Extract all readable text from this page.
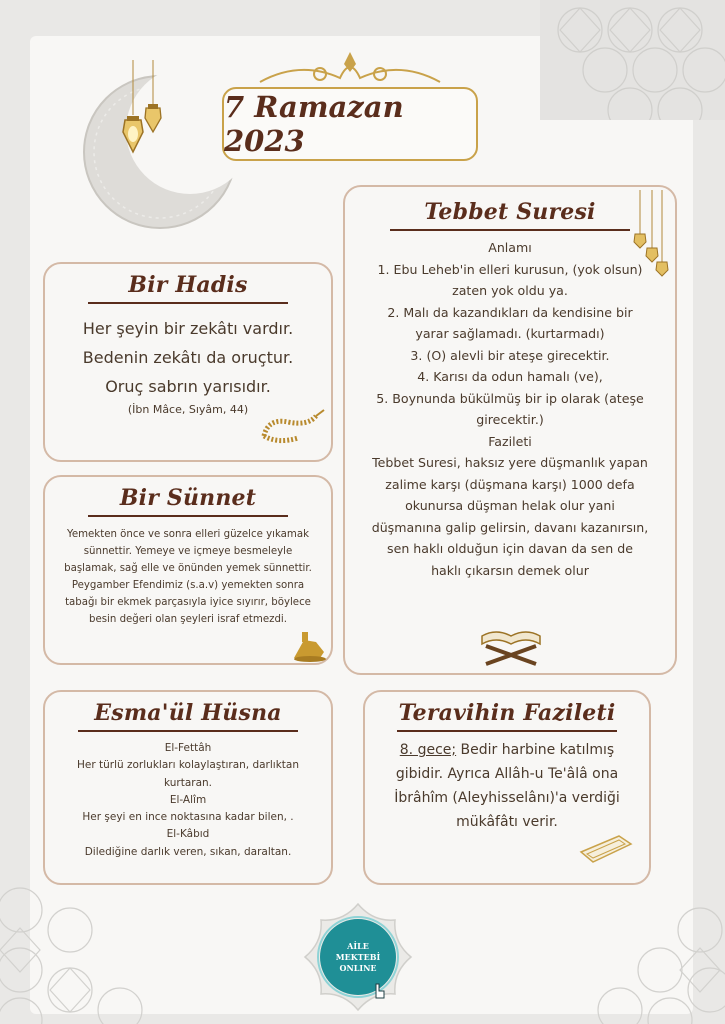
7 Ramazan 2023
Bir Hadis
Her şeyin bir zekâtı vardır.
Bedenin zekâtı da oruçtur.
Oruç sabrın yarısıdır.
(İbn Mâce, Sıyâm, 44)
Bir Sünnet
Yemekten önce ve sonra elleri güzelce yıkamak
sünnettir. Yemeye ve içmeye besmeleyle
başlamak, sağ elle ve önünden yemek sünnettir.
Peygamber Efendimiz (s.a.v) yemekten sonra
tabağı bir ekmek parçasıyla iyice sıyırır, böylece
besin değeri olan şeyleri israf etmezdi.
Esma'ül Hüsna
El-Fettâh
Her türlü zorlukları kolaylaştıran, darlıktan
kurtaran.
El-Alîm
Her şeyi en ince noktasına kadar bilen, .
El-Kâbıd
Dilediğine darlık veren, sıkan, daraltan.
Tebbet Suresi
Anlamı
1. Ebu Leheb'in elleri kurusun, (yok olsun)
zaten yok oldu ya.
2. Malı da kazandıkları da kendisine bir
yarar sağlamadı. (kurtarmadı)
3. (O) alevli bir ateşe girecektir.
4. Karısı da odun hamalı (ve),
5. Boynunda bükülmüş bir ip olarak (ateşe
girecektir.)
Fazileti
Tebbet Suresi, haksız yere düşmanlık yapan
zalime karşı (düşmana karşı) 1000 defa
okunursa düşman helak olur yani
düşmanına galip gelirsin, davanı kazanırsın,
sen haklı olduğun için davan da sen de
haklı çıkarsın demek olur
Teravihin Fazileti
8. gece; Bedir harbine katılmış
gibidir. Ayrıca Allâh-u Te'âlâ ona
İbrâhîm (Aleyhisselânı)'a verdiği
mükâfâtı verir.
AİLE
MEKTEBİ
ONLINE
